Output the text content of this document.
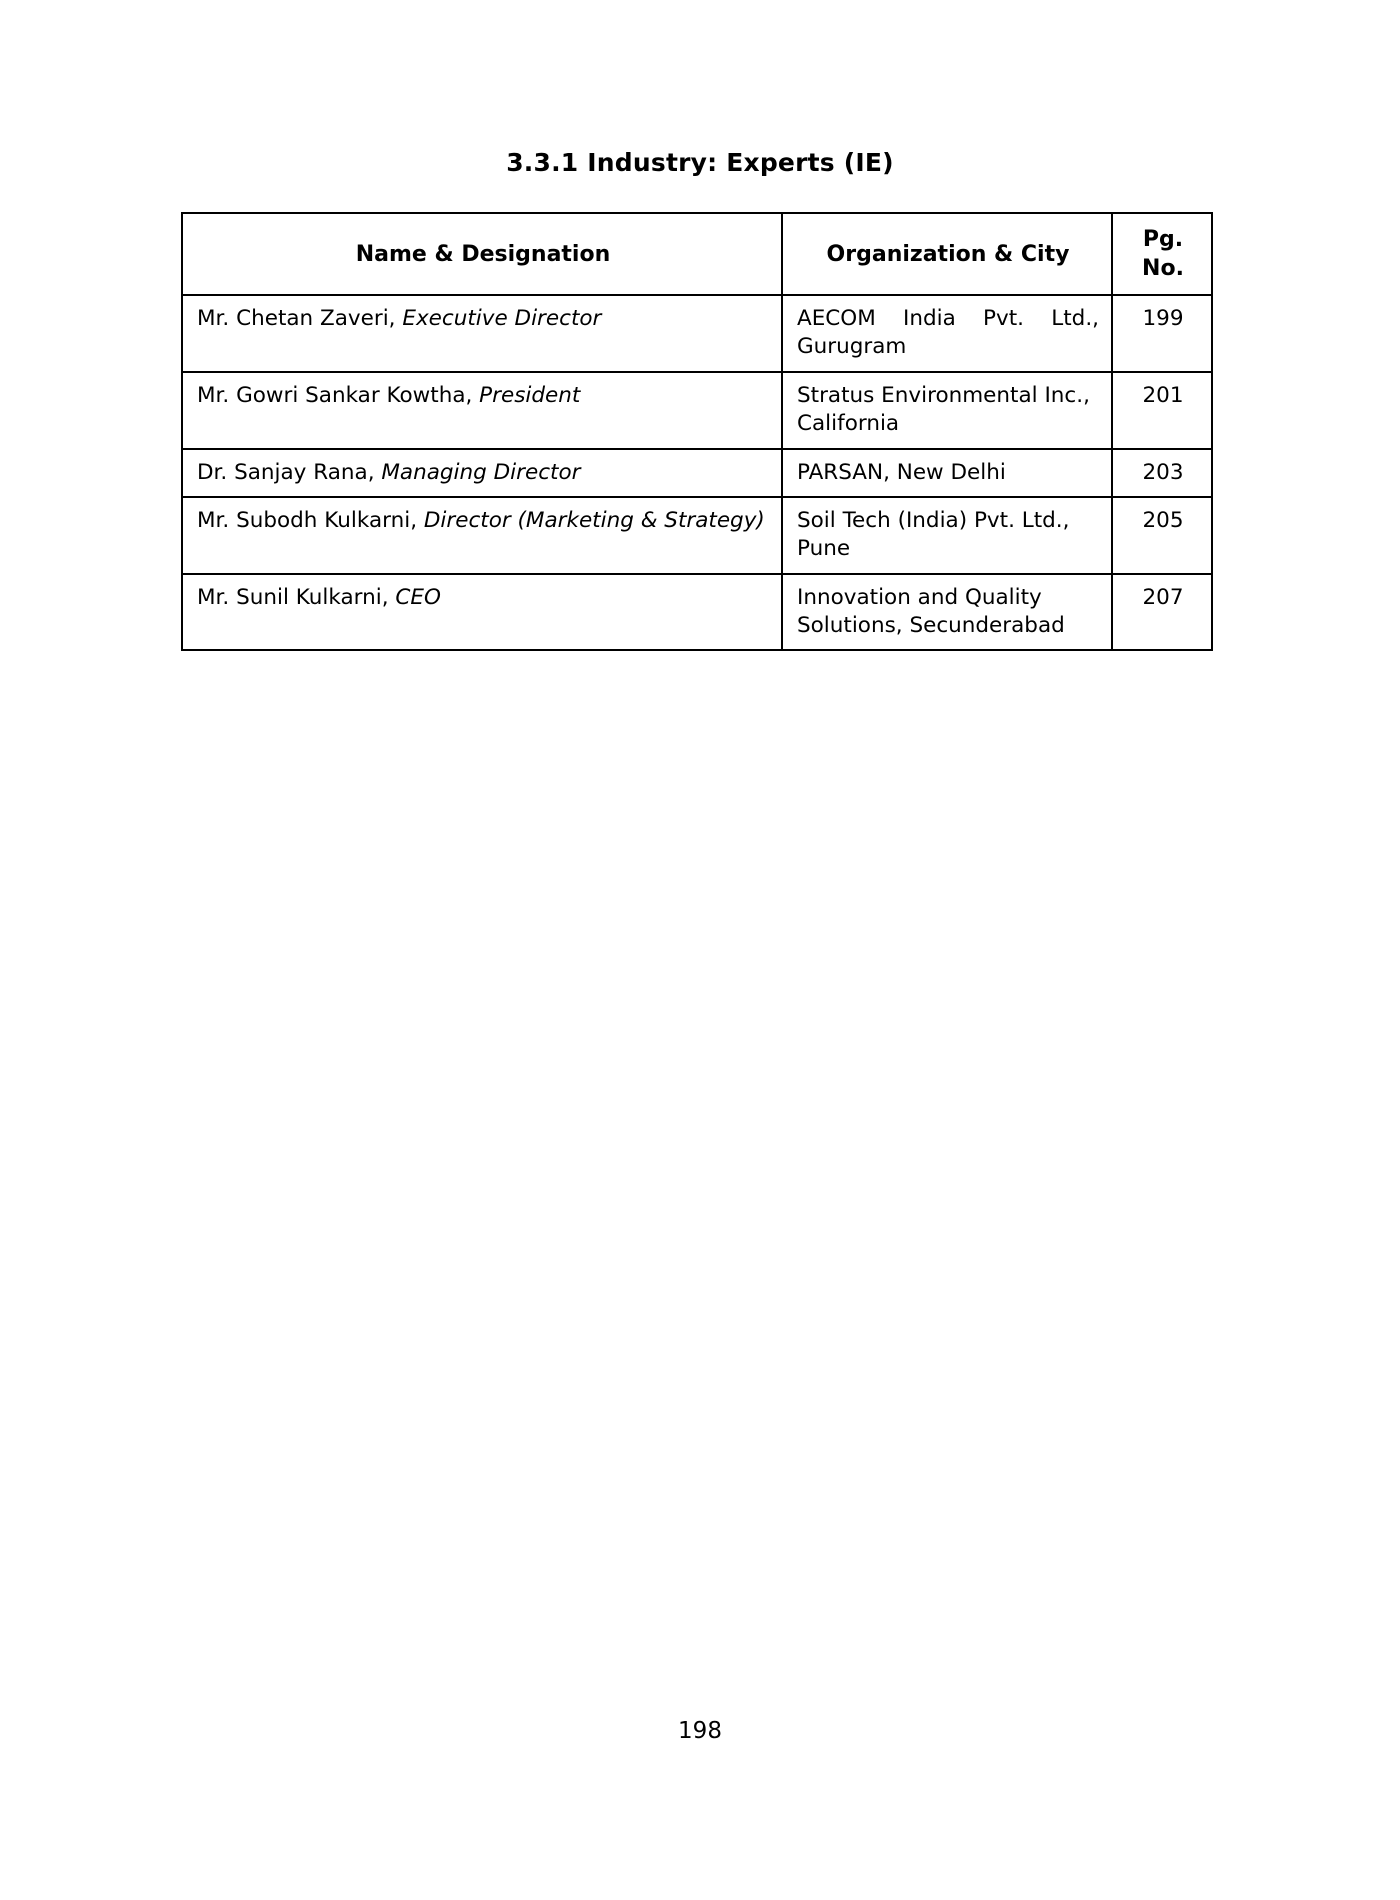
3.3.1 Industry: Experts (IE)
Name & Designation	Organization & City	Pg. No.
Mr. Chetan Zaveri, Executive Director	AECOM India Pvt. Ltd., Gurugram	199
Mr. Gowri Sankar Kowtha, President	Stratus Environmental Inc., California	201
Dr. Sanjay Rana, Managing Director	PARSAN, New Delhi	203
Mr. Subodh Kulkarni, Director (Marketing & Strategy)	Soil Tech (India) Pvt. Ltd., Pune	205
Mr. Sunil Kulkarni, CEO	Innovation and Quality Solutions, Secunderabad	207
198
